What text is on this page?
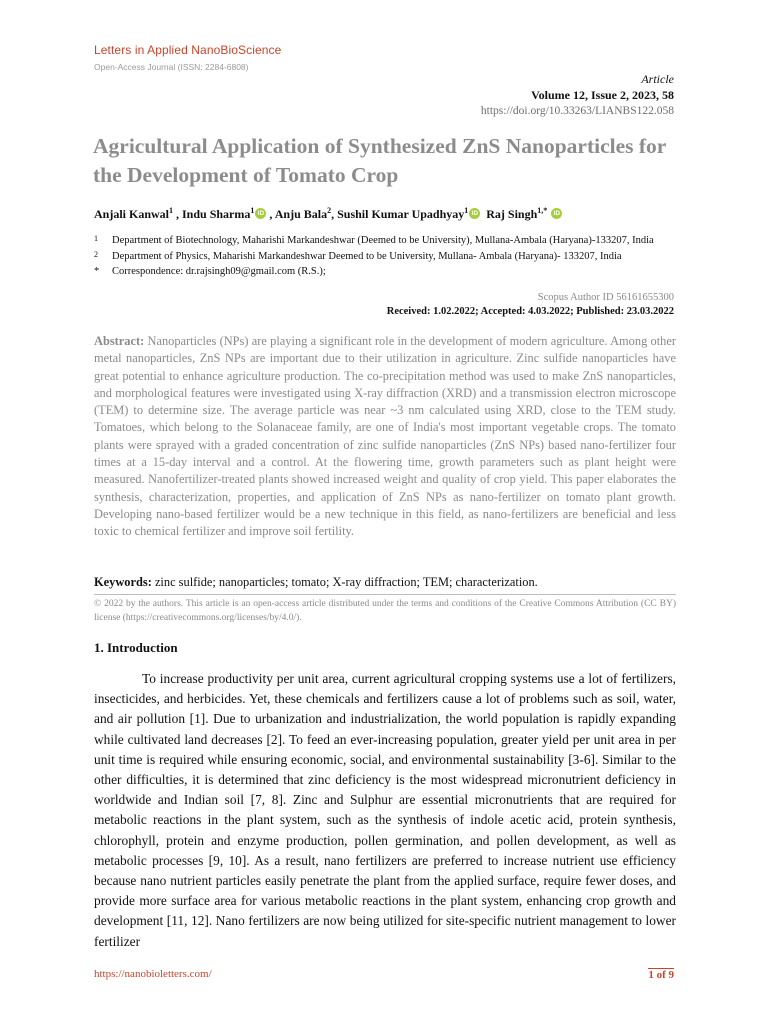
Letters in Applied NanoBioScience
Open-Access Journal (ISSN: 2284-6808)
Article
Volume 12, Issue 2, 2023, 58
https://doi.org/10.33263/LIANBS122.058
Agricultural Application of Synthesized ZnS Nanoparticles for the Development of Tomato Crop
Anjali Kanwal$^1$ , Indu Sharma$^1$ iD , Anju Bala$^2$, Sushil Kumar Upadhyay$^1$ iD Raj Singh$^{1,*}$ iD
1 Department of Biotechnology, Maharishi Markandeshwar (Deemed to be University), Mullana-Ambala (Haryana)-133207, India
2 Department of Physics, Maharishi Markandeshwar Deemed to be University, Mullana- Ambala (Haryana)- 133207, India
* Correspondence: dr.rajsingh09@gmail.com (R.S.);
Scopus Author ID 56161655300
Received: 1.02.2022; Accepted: 4.03.2022; Published: 23.03.2022
Abstract: Nanoparticles (NPs) are playing a significant role in the development of modern agriculture. Among other metal nanoparticles, ZnS NPs are important due to their utilization in agriculture. Zinc sulfide nanoparticles have great potential to enhance agriculture production. The co-precipitation method was used to make ZnS nanoparticles, and morphological features were investigated using X-ray diffraction (XRD) and a transmission electron microscope (TEM) to determine size. The average particle was near ~3 nm calculated using XRD, close to the TEM study. Tomatoes, which belong to the Solanaceae family, are one of India's most important vegetable crops. The tomato plants were sprayed with a graded concentration of zinc sulfide nanoparticles (ZnS NPs) based nano-fertilizer four times at a 15-day interval and a control. At the flowering time, growth parameters such as plant height were measured. Nanofertilizer-treated plants showed increased weight and quality of crop yield. This paper elaborates the synthesis, characterization, properties, and application of ZnS NPs as nano-fertilizer on tomato plant growth. Developing nano-based fertilizer would be a new technique in this field, as nano-fertilizers are beneficial and less toxic to chemical fertilizer and improve soil fertility.
Keywords: zinc sulfide; nanoparticles; tomato; X-ray diffraction; TEM; characterization.
© 2022 by the authors. This article is an open-access article distributed under the terms and conditions of the Creative Commons Attribution (CC BY) license (https://creativecommons.org/licenses/by/4.0/).
1. Introduction

To increase productivity per unit area, current agricultural cropping systems use a lot of fertilizers, insecticides, and herbicides. Yet, these chemicals and fertilizers cause a lot of problems such as soil, water, and air pollution [1]. Due to urbanization and industrialization, the world population is rapidly expanding while cultivated land decreases [2]. To feed an ever-increasing population, greater yield per unit area in per unit time is required while ensuring economic, social, and environmental sustainability [3-6]. Similar to the other difficulties, it is determined that zinc deficiency is the most widespread micronutrient deficiency in worldwide and Indian soil [7, 8]. Zinc and Sulphur are essential micronutrients that are required for metabolic reactions in the plant system, such as the synthesis of indole acetic acid, protein synthesis, chlorophyll, protein and enzyme production, pollen germination, and pollen development, as well as metabolic processes [9, 10]. As a result, nano fertilizers are preferred to increase nutrient use efficiency because nano nutrient particles easily penetrate the plant from the applied surface, require fewer doses, and provide more surface area for various metabolic reactions in the plant system, enhancing crop growth and development [11, 12]. Nano fertilizers are now being utilized for site-specific nutrient management to lower fertilizer

https://nanobioletters.com/	1 of 9
